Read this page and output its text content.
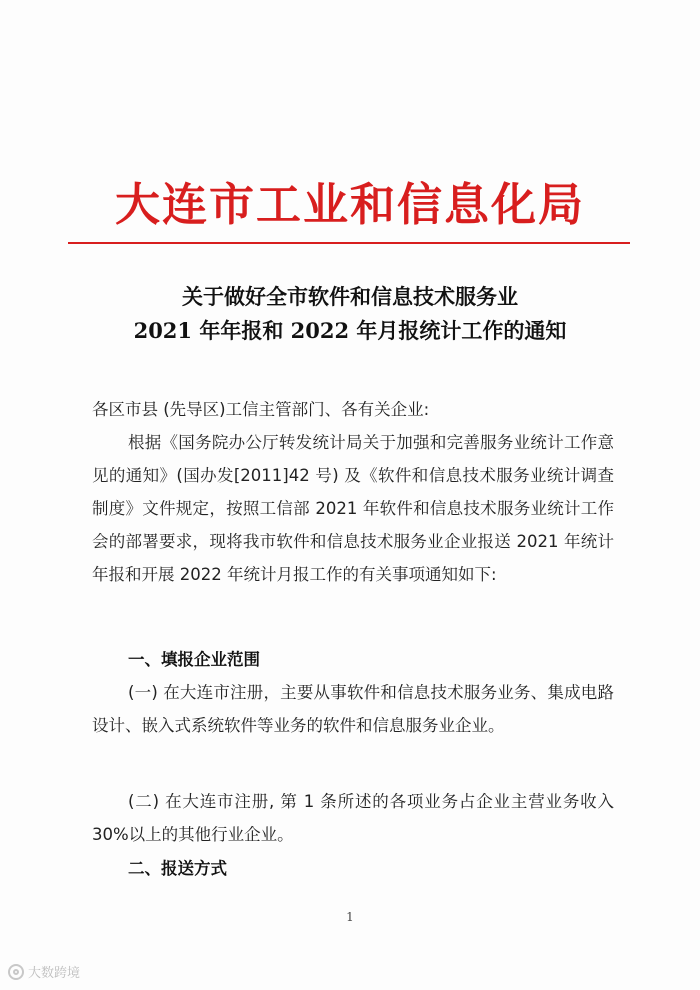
大连市工业和信息化局
关于做好全市软件和信息技术服务业
2021 年年报和 2022 年月报统计工作的通知
各区市县 (先导区)工信主管部门、各有关企业:

根据《国务院办公厅转发统计局关于加强和完善服务业统计工作意见的通知》(国办发[2011]42 号) 及《软件和信息技术服务业统计调查制度》文件规定，按照工信部 2021 年软件和信息技术服务业统计工作会的部署要求，现将我市软件和信息技术服务业企业报送 2021 年统计年报和开展 2022 年统计月报工作的有关事项通知如下:

一、填报企业范围

(一) 在大连市注册，主要从事软件和信息技术服务业务、集成电路设计、嵌入式系统软件等业务的软件和信息服务业企业。

(二) 在大连市注册, 第 1 条所述的各项业务占企业主营业务收入 30%以上的其他行业企业。

二、报送方式
1
大数跨境
